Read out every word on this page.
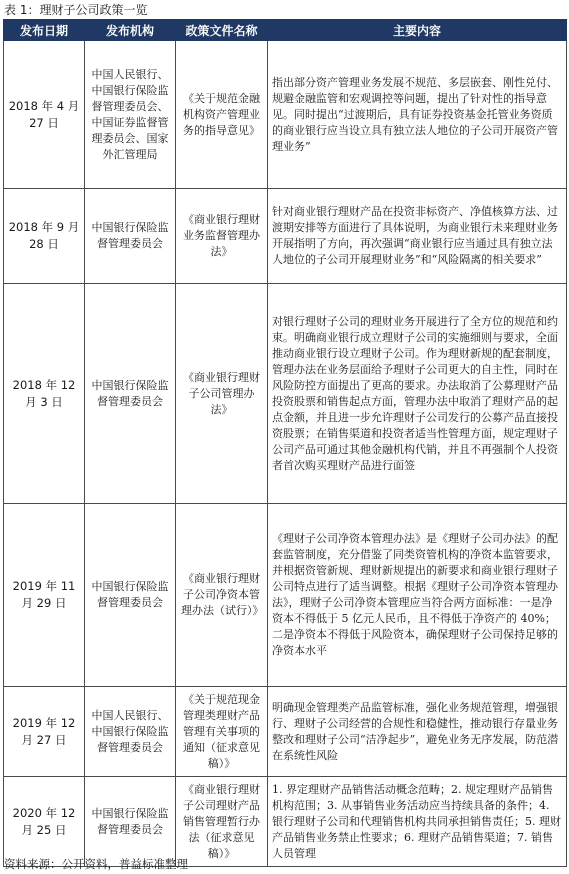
表 1：理财子公司政策一览
发布日期	发布机构	政策文件名称	主要内容
2018 年 4 月 27 日	中国人民银行、中国银行保险监督管理委员会、中国证券监督管理委员会、国家外汇管理局	《关于规范金融机构资产管理业务的指导意见》	指出部分资产管理业务发展不规范、多层嵌套、刚性兑付、规避金融监管和宏观调控等问题，提出了针对性的指导意见。同时提出“过渡期后，具有证券投资基金托管业务资质的商业银行应当设立具有独立法人地位的子公司开展资产管理业务”
2018 年 9 月 28 日	中国银行保险监督管理委员会	《商业银行理财业务监督管理办法》	针对商业银行理财产品在投资非标资产、净值核算方法、过渡期安排等方面进行了具体说明，为商业银行未来理财业务开展指明了方向，再次强调“商业银行应当通过具有独立法人地位的子公司开展理财业务”和“风险隔离的相关要求”
2018 年 12 月 3 日	中国银行保险监督管理委员会	《商业银行理财子公司管理办法》	对银行理财子公司的理财业务开展进行了全方位的规范和约束。明确商业银行成立理财子公司的实施细则与要求，全面推动商业银行设立理财子公司。作为理财新规的配套制度，管理办法在业务层面给予理财子公司更大的自主性，同时在风险防控方面提出了更高的要求。办法取消了公募理财产品投资股票和销售起点方面，管理办法中取消了理财产品的起点金额，并且进一步允许理财子公司发行的公募产品直接投资股票；在销售渠道和投资者适当性管理方面，规定理财子公司产品可通过其他金融机构代销，并且不再强制个人投资者首次购买理财产品进行面签
2019 年 11 月 29 日	中国银行保险监督管理委员会	《商业银行理财子公司净资本管理办法（试行）》	《理财子公司净资本管理办法》是《理财子公司办法》的配套监管制度，充分借鉴了同类资管机构的净资本监管要求，并根据资管新规、理财新规提出的新要求和商业银行理财子公司特点进行了适当调整。根据《理财子公司净资本管理办法》，理财子公司净资本管理应当符合两方面标准：一是净资本不得低于 5 亿元人民币，且不得低于净资产的 40%；二是净资本不得低于风险资本，确保理财子公司保持足够的净资本水平
2019 年 12 月 27 日	中国人民银行、中国银行保险监督管理委员会	《关于规范现金管理类理财产品管理有关事项的通知（征求意见稿）》	明确现金管理类产品监管标准，强化业务规范管理，增强银行、理财子公司经营的合规性和稳健性，推动银行存量业务整改和理财子公司“洁净起步”，避免业务无序发展，防范潜在系统性风险
2020 年 12 月 25 日	中国银行保险监督管理委员会	《商业银行理财子公司理财产品销售管理暂行办法（征求意见稿）》	1. 界定理财产品销售活动概念范畴；2. 规定理财产品销售机构范围；3. 从事销售业务活动应当持续具备的条件；4. 银行理财子公司和代理销售机构共同承担销售责任；5. 理财产品销售业务禁止性要求；6. 理财产品销售渠道；7. 销售人员管理
资料来源：公开资料，普益标准整理
